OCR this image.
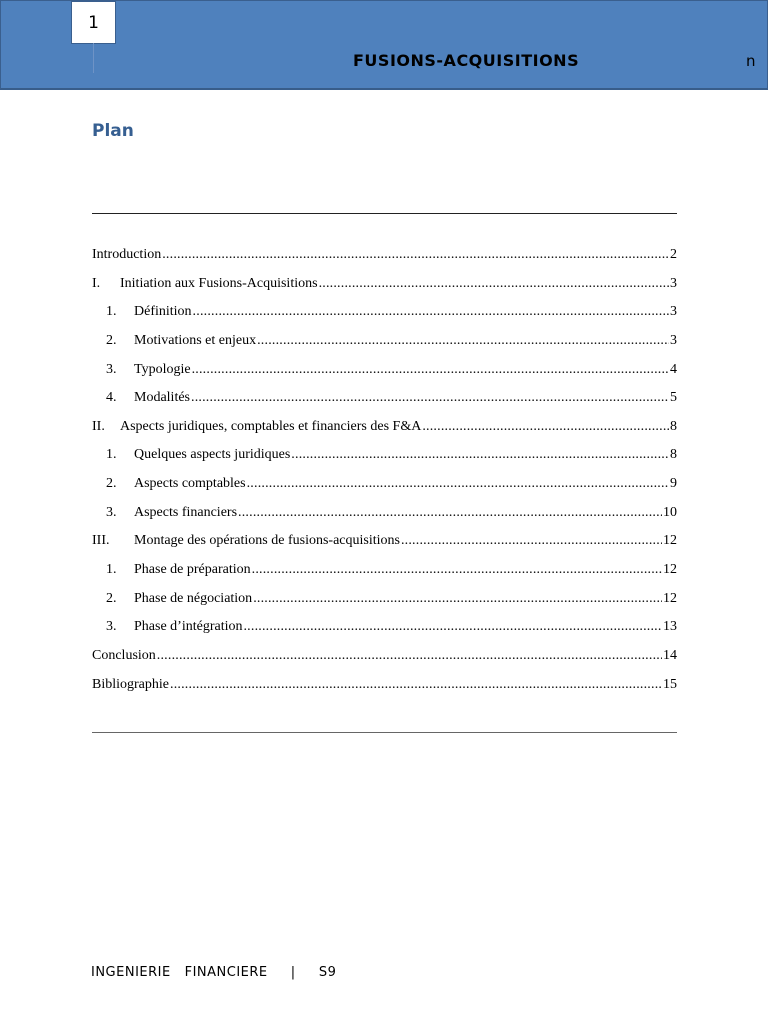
1
FUSIONS-ACQUISITIONS	n
Plan
Introduction .....	2
I.	Initiation aux Fusions-Acquisitions .....	3
1.	Définition .....	3
2.	Motivations et enjeux .....	3
3.	Typologie .....	4
4.	Modalités .....	5
II.	Aspects juridiques, comptables et financiers des F&A .....	8
1.	Quelques aspects juridiques .....	8
2.	Aspects comptables .....	9
3.	Aspects financiers .....	10
III.	Montage des opérations de fusions-acquisitions .....	12
1.	Phase de préparation .....	12
2.	Phase de négociation .....	12
3.	Phase d’intégration .....	13
Conclusion .....	14
Bibliographie .....	15
INGENIERIE   FINANCIERE     |     S9
